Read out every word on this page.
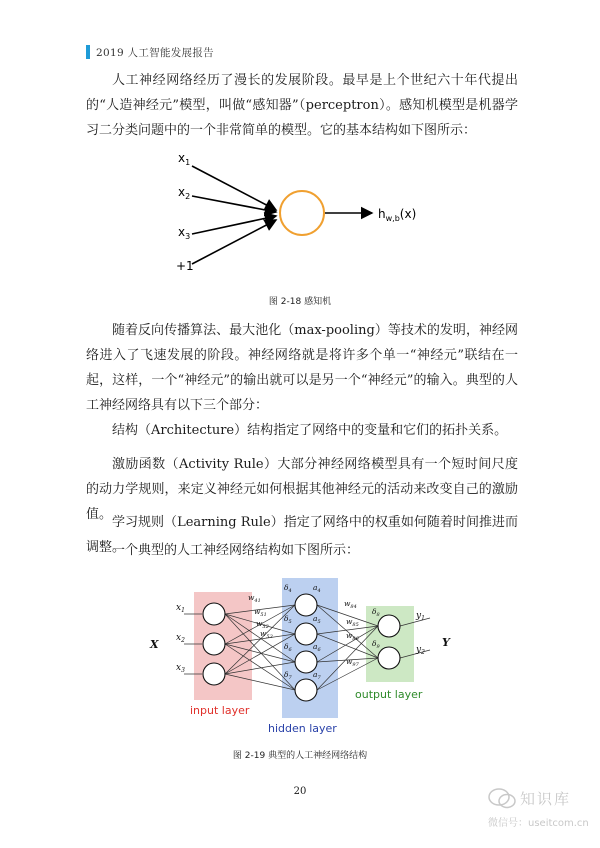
2019 人工智能发展报告

人工神经网络经历了漫长的发展阶段。最早是上个世纪六十年代提出的“人造神经元”模型，叫做“感知器”（perceptron）。感知机模型是机器学习二分类问题中的一个非常简单的模型。它的基本结构如下图所示：

$x_1$
$x_2$
$x_3$
+1
$h_{w,b}(x)$
图 2-18 感知机

随着反向传播算法、最大池化（max-pooling）等技术的发明，神经网络进入了飞速发展的阶段。神经网络就是将许多个单一“神经元”联结在一起，这样，一个“神经元”的输出就可以是另一个“神经元”的输入。典型的人工神经网络具有以下三个部分：

结构（Architecture）结构指定了网络中的变量和它们的拓扑关系。

激励函数（Activity Rule）大部分神经网络模型具有一个短时间尺度的动力学规则，来定义神经元如何根据其他神经元的活动来改变自己的激励值。

学习规则（Learning Rule）指定了网络中的权重如何随着时间推进而调整。

一个典型的人工神经网络结构如下图所示：

$x_1$
$x_2$
$x_3$
X	Y
$y_1$
$y_2$
$\delta_4$	$a_4$
$\delta_5$	$a_5$
$\delta_6$	$a_6$
$\delta_7$	$a_7$
$\delta_8$
$\delta_9$
$w_{41}$
$w_{51}$
$w_{52}$
$w_{53}$
$w_{84}$
$w_{85}$
$w_{86}$
$w_{97}$
input layer
hidden layer
output layer
图 2-19 典型的人工神经网络结构
20	知识库
微信号：useitcom.cn
